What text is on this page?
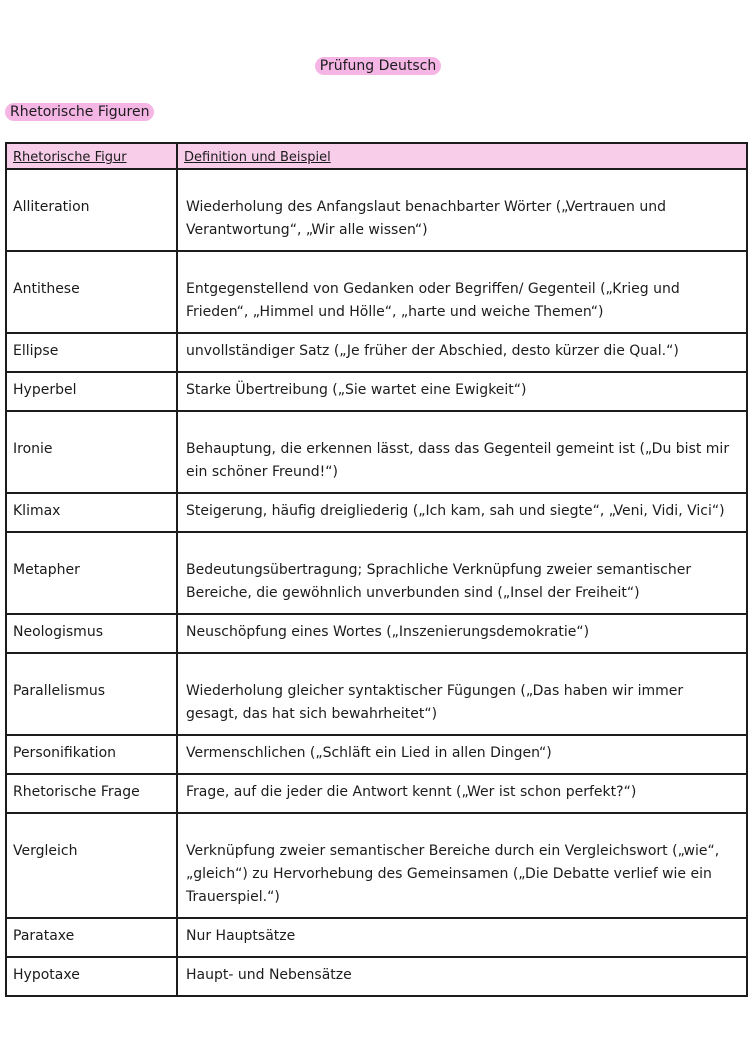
Prüfung Deutsch
Rhetorische Figuren
Rhetorische Figur	Definition und Beispiel
Alliteration	Wiederholung des Anfangslaut benachbarter Wörter („Vertrauen und Verantwortung“, „Wir alle wissen“)
Antithese	Entgegenstellend von Gedanken oder Begriffen/ Gegenteil („Krieg und Frieden“, „Himmel und Hölle“, „harte und weiche Themen“)
Ellipse	unvollständiger Satz („Je früher der Abschied, desto kürzer die Qual.“)
Hyperbel	Starke Übertreibung („Sie wartet eine Ewigkeit“)
Ironie	Behauptung, die erkennen lässt, dass das Gegenteil gemeint ist („Du bist mir ein schöner Freund!“)
Klimax	Steigerung, häufig dreigliederig („Ich kam, sah und siegte“, „Veni, Vidi, Vici“)
Metapher	Bedeutungsübertragung; Sprachliche Verknüpfung zweier semantischer Bereiche, die gewöhnlich unverbunden sind („Insel der Freiheit“)
Neologismus	Neuschöpfung eines Wortes („Inszenierungsdemokratie“)
Parallelismus	Wiederholung gleicher syntaktischer Fügungen („Das haben wir immer gesagt, das hat sich bewahrheitet“)
Personifikation	Vermenschlichen („Schläft ein Lied in allen Dingen“)
Rhetorische Frage	Frage, auf die jeder die Antwort kennt („Wer ist schon perfekt?“)
Vergleich	Verknüpfung zweier semantischer Bereiche durch ein Vergleichswort („wie“, „gleich“) zu Hervorhebung des Gemeinsamen („Die Debatte verlief wie ein Trauerspiel.“)
Parataxe	Nur Hauptsätze
Hypotaxe	Haupt- und Nebensätze
